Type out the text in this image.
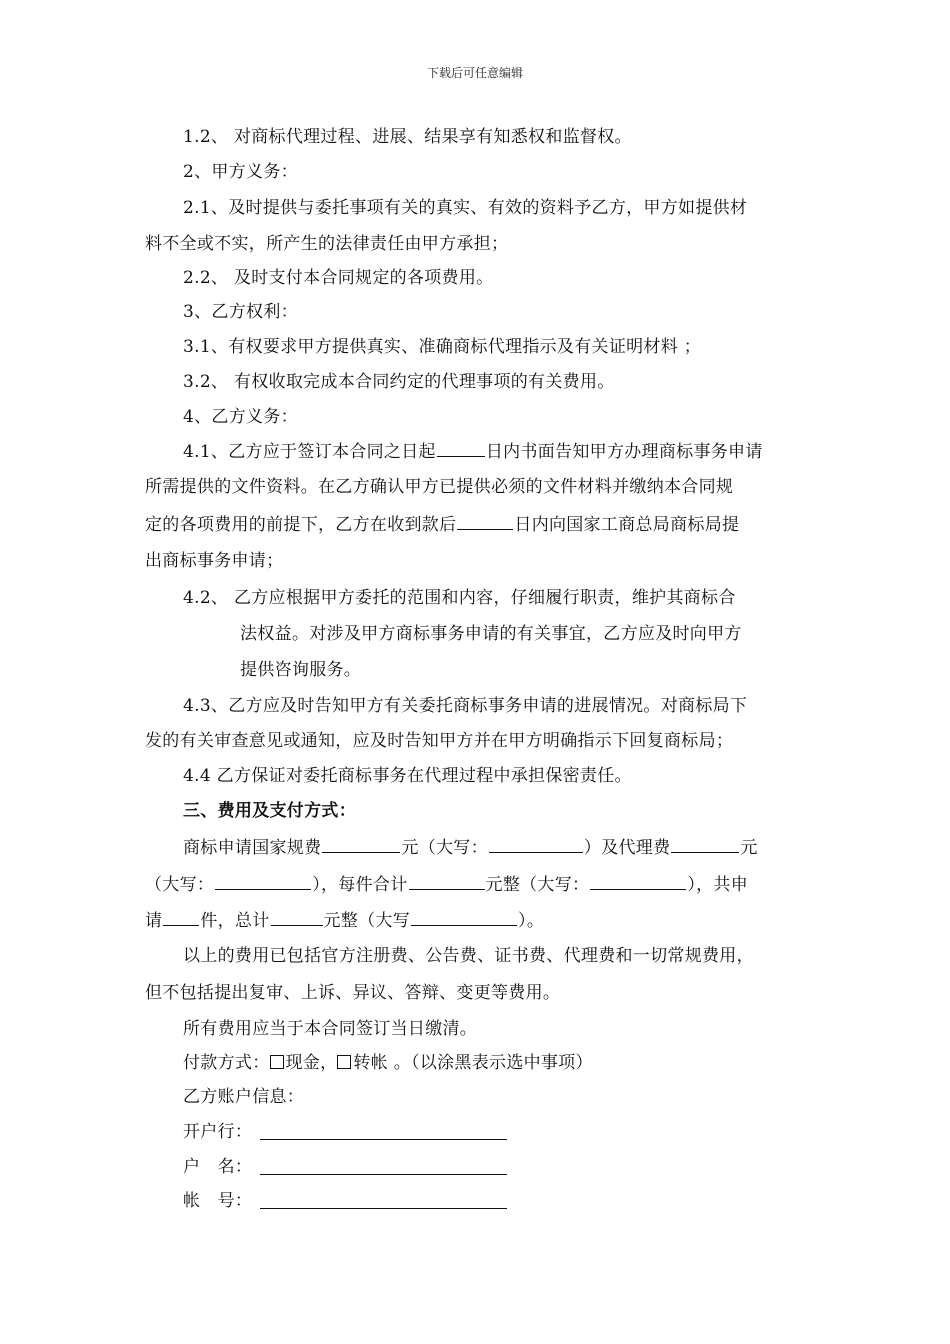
下载后可任意编辑
1.2、 对商标代理过程、进展、结果享有知悉权和监督权。
2、甲方义务：
2.1、及时提供与委托事项有关的真实、有效的资料予乙方，甲方如提供材
料不全或不实，所产生的法律责任由甲方承担；
2.2、 及时支付本合同规定的各项费用。
3、乙方权利：
3.1、有权要求甲方提供真实、准确商标代理指示及有关证明材料 ；
3.2、 有权收取完成本合同约定的代理事项的有关费用。
4、乙方义务：
4.1、乙方应于签订本合同之日起	日内书面告知甲方办理商标事务申请
所需提供的文件资料。在乙方确认甲方已提供必须的文件材料并缴纳本合同规
定的各项费用的前提下，乙方在收到款后	日内向国家工商总局商标局提
出商标事务申请；
4.2、 乙方应根据甲方委托的范围和内容，仔细履行职责，维护其商标合
法权益。对涉及甲方商标事务申请的有关事宜，乙方应及时向甲方
提供咨询服务。
4.3、乙方应及时告知甲方有关委托商标事务申请的进展情况。对商标局下
发的有关审查意见或通知，应及时告知甲方并在甲方明确指示下回复商标局；
4.4 乙方保证对委托商标事务在代理过程中承担保密责任。
三、费用及支付方式：
商标申请国家规费	元（大写：	）及代理费	元
（大写：	），每件合计	元整（大写：	），共申
请 件，总计	元整（大写	）。
以上的费用已包括官方注册费、公告费、证书费、代理费和一切常规费用，
但不包括提出复审、上诉、异议、答辩、变更等费用。
所有费用应当于本合同签订当日缴清。
付款方式： 现金， 转帐 。（以涂黑表示选中事项）
乙方账户信息：
开户行：
户　名：
帐　号：
